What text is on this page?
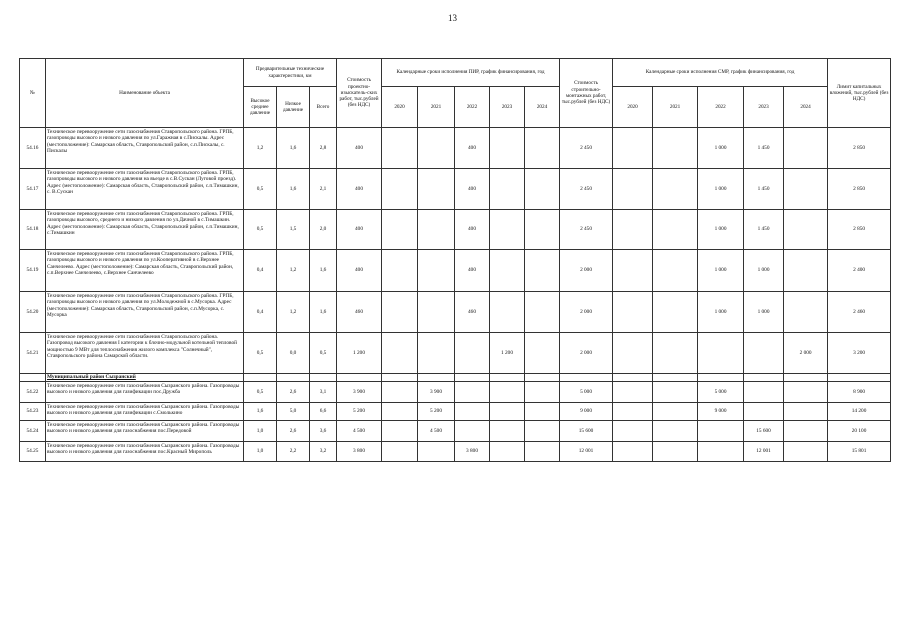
13
№	Наименование объекта	Предварительные технические характеристики, км			Стоимость проектно-изыскатель-ских работ, тыс.рублей (без НДС)	Календарные сроки исполнения ПИР, график финансирования, год					Стоимость строительно-монтажных работ, тыс.рублей (без НДС)	Календарные сроки исполнения СМР, график финансирования, год					Лимит капитальных вложений, тыс.рублей (без НДС)
		Высокое среднее давление	Низкое давление	Всего		2020	2021	2022	2023	2024		2020	2021	2022	2023	2024	
54.16	Техническое перевооружение сети газоснабжения Ставропольского района. ГРПБ, газопроводы высокого и низкого давления по ул.Гаражная в с.Пискалы. Адрес (местоположение): Самарская область, Ставропольский район, с.п.Пискалы, с. Пискалы	1,2	1,6	2,8	400			400			2 450			1 000	1 450		2 850
54.17	Техническое перевооружение сети газоснабжения Ставропольского района. ГРПБ, газопроводы высокого и низкого давления на въезде в с.В.Сускан (Луговой проезд). Адрес (местоположение): Самарская область, Ставропольский район, с.п.Тимашкин, с. В.Сускан	0,5	1,6	2,1	400			400			2 450			1 000	1 450		2 850
54.18	Техническое перевооружение сети газоснабжения Ставропольского района. ГРПБ, газопроводы высокого, среднего и низкого давления по ул.Дачной в с.Тимашкин. Адрес (местоположение): Самарская область, Ставропольский район, с.п.Тимашкин, с.Тимашкин	0,5	1,5	2,0	400			400			2 450			1 000	1 450		2 850
54.19	Техническое перевооружение сети газоснабжения Ставропольского района. ГРПБ, газопроводы высокого и низкого давления по ул.Кооперативной в с.Верхнее Санчелеево. Адрес (местоположение): Самарская область, Ставропольский район, с.п.Верхнее Санчелеево, с.Верхнее Санчелеево	0,4	1,2	1,6	400			400			2 000			1 000	1 000		2 400
54.20	Техническое перевооружение сети газоснабжения Ставропольского района. ГРПБ, газопроводы высокого и низкого давления по ул.Молодежной в с.Мусорка. Адрес (местоположение): Самарская область, Ставропольский район, с.п.Мусорка, с. Мусорка	0,4	1,2	1,6	460			460			2 000			1 000	1 000		2 460
54.21	Техническое перевооружение сети газоснабжения Ставропольского района. Газопровод высокого давления I категории к блочно-модульной котельной тепловой мощностью 9 МВт для теплоснабжения жилого комплекса "Солнечный", Ставропольского района Самарской области.	0,5	0,0	0,5	1 200				1 200		2 000					2 000	3 200
	Муниципальный район Сызранский																
54.22	Техническое перевооружение сети газоснабжения Сызранского района. Газопроводы высокого и низкого давления для газификации пос.Дружба	0,5	2,6	3,1	3 900		3 900				5 000			5 000			8 900
54.23	Техническое перевооружение сети газоснабжения Сызранского района. Газопроводы высокого и низкого давления для газификации с.Смолькино	1,6	5,0	6,6	5 200		5 200				9 000			9 000			14 200
54.24	Техническое перевооружение сети газоснабжения Сызранского района. Газопроводы высокого и низкого давления для газоснабжения пос.Передовой	1,0	2,6	3,6	4 500		4 500				15 600				15 600		20 100
54.25	Техническое перевооружение сети газоснабжения Сызранского района. Газопроводы высокого и низкого давления для газоснабжения пос.Красный Мирополь	1,0	2,2	3,2	3 800			3 800			12 001				12 001		15 801
